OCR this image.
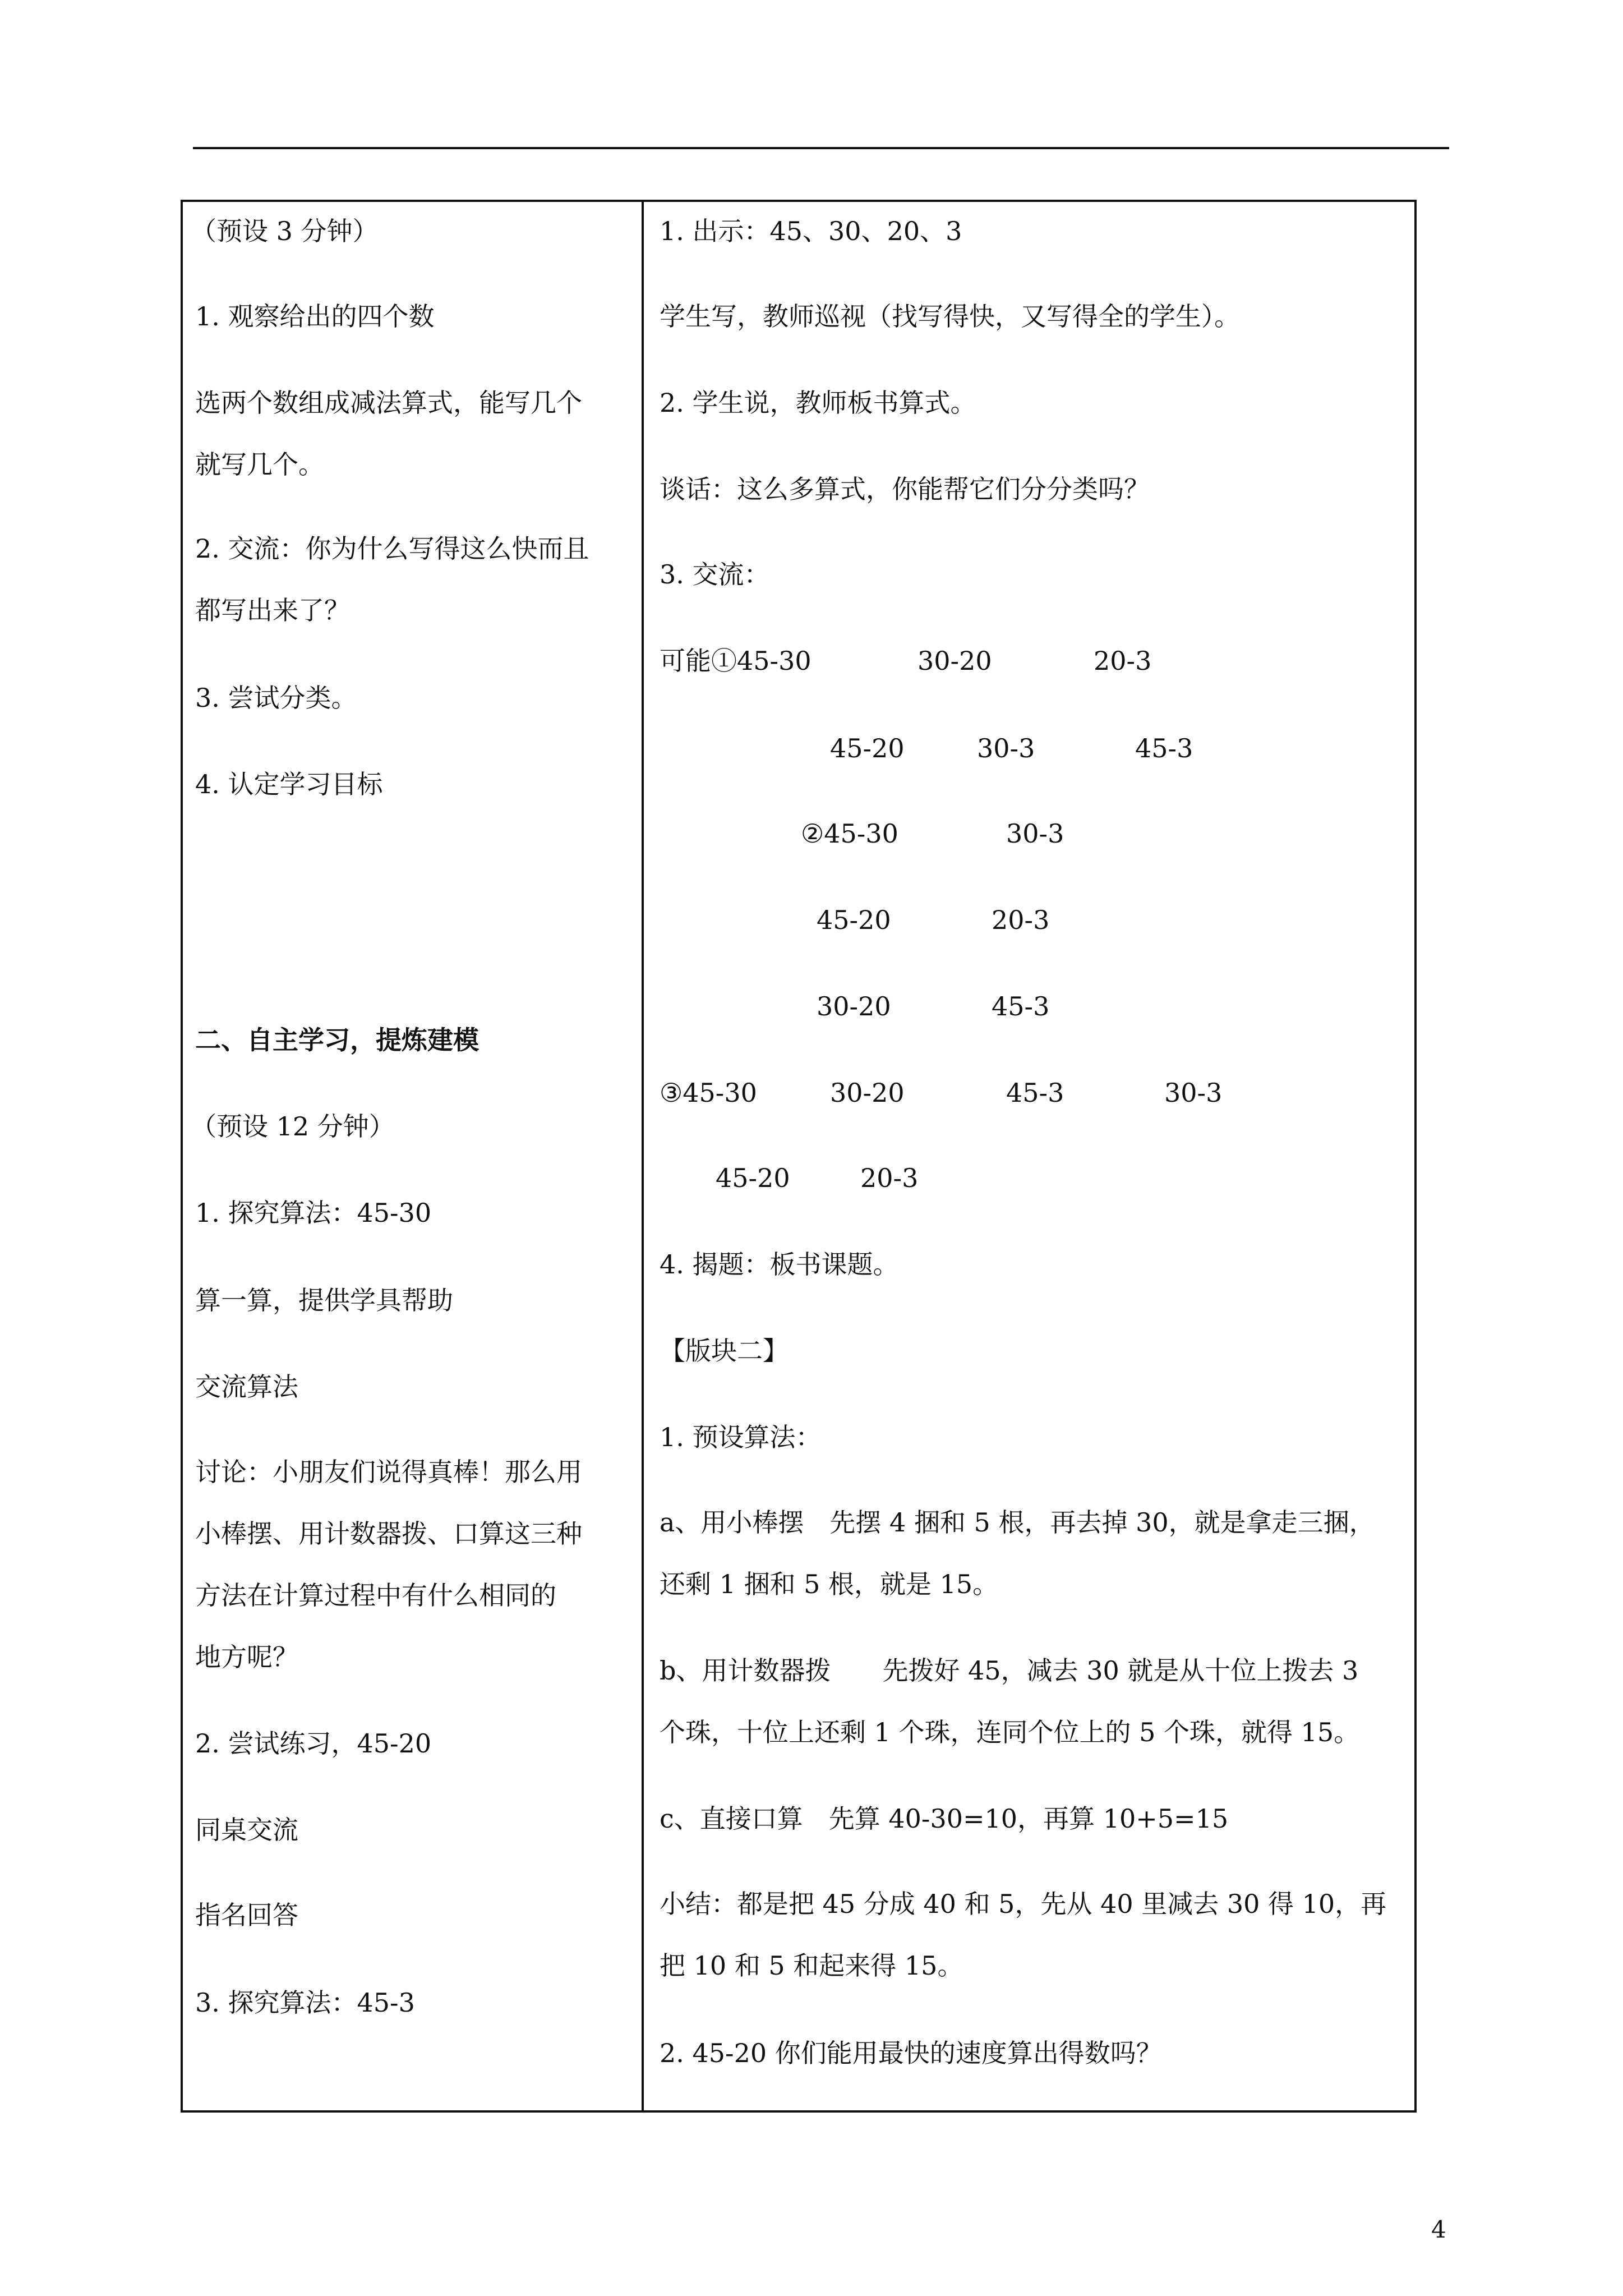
（预设 3 分钟）
1. 观察给出的四个数
选两个数组成减法算式，能写几个
就写几个。
2. 交流：你为什么写得这么快而且
都写出来了？
3. 尝试分类。
4. 认定学习目标
二、自主学习，提炼建模
（预设 12 分钟）
1. 探究算法：45-30
算一算，提供学具帮助
交流算法
讨论：小朋友们说得真棒！那么用
小棒摆、用计数器拨、口算这三种
方法在计算过程中有什么相同的
地方呢？
2. 尝试练习，45-20
同桌交流
指名回答
3. 探究算法：45-3
1. 出示：45、30、20、3
学生写，教师巡视（找写得快，又写得全的学生）。
2. 学生说，教师板书算式。
谈话：这么多算式，你能帮它们分分类吗？
3. 交流：
可能①45-30	30-20	20-3
45-20	30-3	45-3
②45-30	30-3
45-20	20-3
30-20	45-3
③45-30	30-20	45-3	30-3
45-20	20-3
4. 揭题：板书课题。
【版块二】
1. 预设算法：
a、用小棒摆　先摆 4 捆和 5 根，再去掉 30，就是拿走三捆，
还剩 1 捆和 5 根，就是 15。
b、用计数器拨　　先拨好 45，减去 30 就是从十位上拨去 3
个珠，十位上还剩 1 个珠，连同个位上的 5 个珠，就得 15。
c、直接口算　先算 40-30=10，再算 10+5=15
小结：都是把 45 分成 40 和 5，先从 40 里减去 30 得 10，再
把 10 和 5 和起来得 15。
2. 45-20 你们能用最快的速度算出得数吗？
4
